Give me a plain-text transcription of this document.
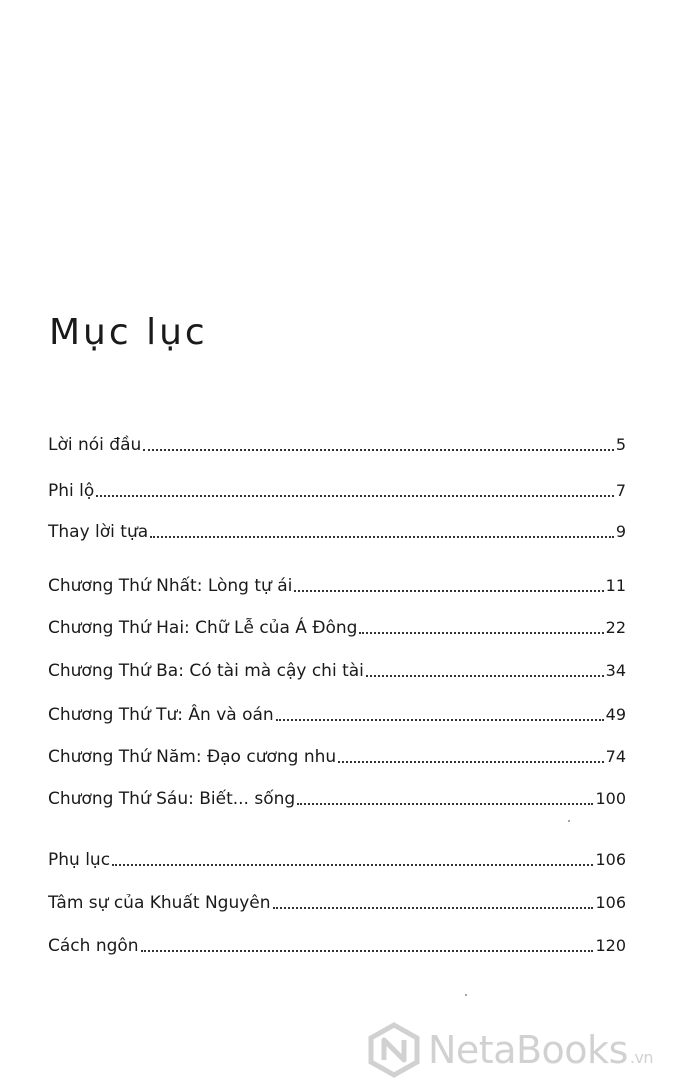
Mục lục
Lời nói đầu	5
Phi lộ	7
Thay lời tựa	9
Chương Thứ Nhất: Lòng tự ái	11
Chương Thứ Hai: Chữ Lễ của Á Đông	22
Chương Thứ Ba: Có tài mà cậy chi tài	34
Chương Thứ Tư: Ân và oán	49
Chương Thứ Năm: Đạo cương nhu	74
Chương Thứ Sáu: Biết... sống	100
Phụ lục	106
Tâm sự của Khuất Nguyên	106
Cách ngôn	120
NetaBooks .vn
